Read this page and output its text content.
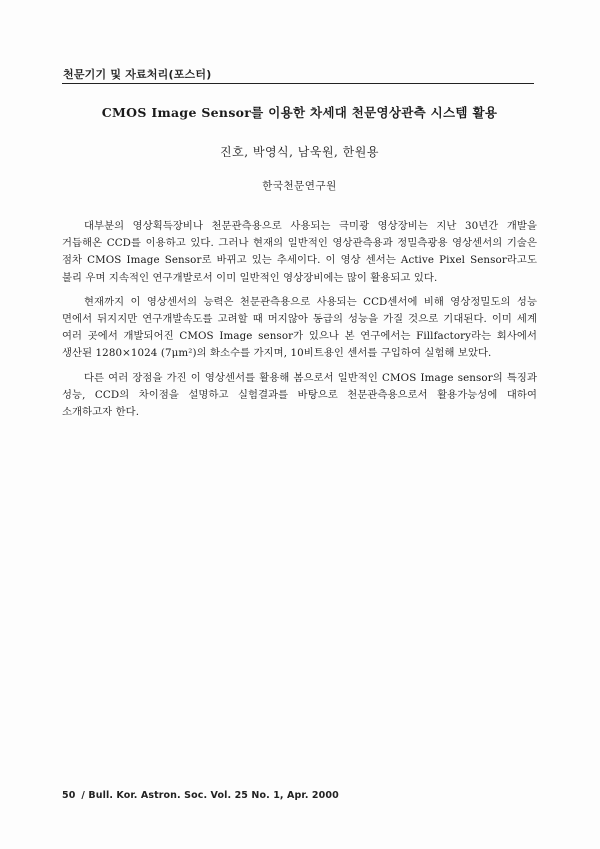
천문기기 및 자료처리(포스터)
CMOS Image Sensor를 이용한 차세대 천문영상관측 시스템 활용
진호, 박영식, 남욱원, 한원용
한국천문연구원

대부분의 영상획득장비나 천문관측용으로 사용되는 극미광 영상장비는 지난 30년간 개발을 거듭해온 CCD를 이용하고 있다. 그러나 현재의 일반적인 영상관측용과 정밀측광용 영상센서의 기술은 점차 CMOS Image Sensor로 바뀌고 있는 추세이다. 이 영상 센서는 Active Pixel Sensor라고도 불리 우며 지속적인 연구개발로서 이미 일반적인 영상장비에는 많이 활용되고 있다.

현재까지 이 영상센서의 능력은 천문관측용으로 사용되는 CCD센서에 비해 영상정밀도의 성능 면에서 뒤지지만 연구개발속도를 고려할 때 머지않아 동급의 성능을 가질 것으로 기대된다. 이미 세계 여러 곳에서 개발되어진 CMOS Image sensor가 있으나 본 연구에서는 Fillfactory라는 회사에서 생산된 1280×1024 (7μm²)의 화소수를 가지며, 10비트용인 센서를 구입하여 실험해 보았다.

다른 여러 장점을 가진 이 영상센서를 활용해 봄으로서 일반적인 CMOS Image sensor의 특징과 성능, CCD의 차이점을 설명하고 실험결과를 바탕으로 천문관측용으로서 활용가능성에 대하여 소개하고자 한다.

50 / Bull. Kor. Astron. Soc. Vol. 25 No. 1, Apr. 2000
